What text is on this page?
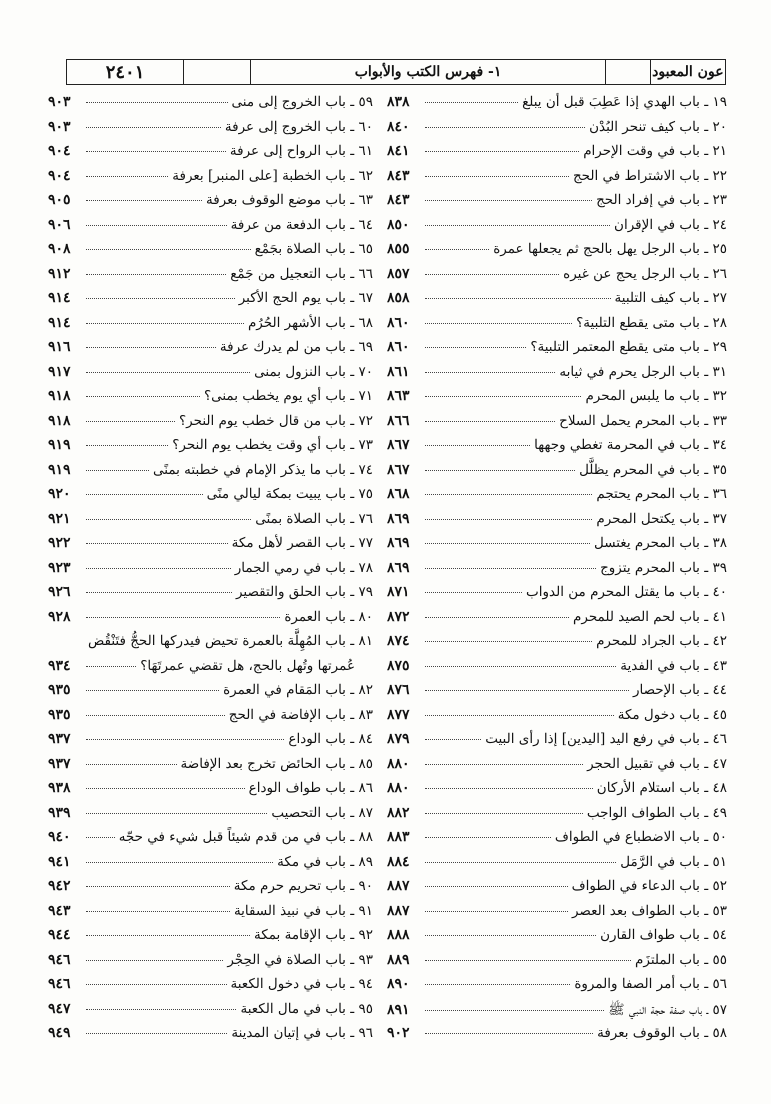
٢٤٠١	١- فهرس الكتب والأبواب	عون المعبود
١٩ ـ باب الهدي إذا عَطِبَ قبل أن يبلغ
٨٣٨
٢٠ ـ باب كيف تنحر البُدْن
٨٤٠
٢١ ـ باب في وقت الإحرام
٨٤١
٢٢ ـ باب الاشتراط في الحج
٨٤٣
٢٣ ـ باب في إفراد الحج
٨٤٣
٢٤ ـ باب في الإقران
٨٥٠
٢٥ ـ باب الرجل يهل بالحج ثم يجعلها عمرة
٨٥٥
٢٦ ـ باب الرجل يحج عن غيره
٨٥٧
٢٧ ـ باب كيف التلبية
٨٥٨
٢٨ ـ باب متى يقطع التلبية؟
٨٦٠
٢٩ ـ باب متى يقطع المعتمر التلبية؟
٨٦٠
٣١ ـ باب الرجل يحرم في ثيابه
٨٦١
٣٢ ـ باب ما يلبس المحرم
٨٦٣
٣٣ ـ باب المحرم يحمل السلاح
٨٦٦
٣٤ ـ باب في المحرمة تغطي وجهها
٨٦٧
٣٥ ـ باب في المحرم يظلَّل
٨٦٧
٣٦ ـ باب المحرم يحتجم
٨٦٨
٣٧ ـ باب يكتحل المحرم
٨٦٩
٣٨ ـ باب المحرم يغتسل
٨٦٩
٣٩ ـ باب المحرم يتزوج
٨٦٩
٤٠ ـ باب ما يقتل المحرم من الدواب
٨٧١
٤١ ـ باب لحم الصيد للمحرم
٨٧٢
٤٢ ـ باب الجراد للمحرم
٨٧٤
٤٣ ـ باب في الفدية
٨٧٥
٤٤ ـ باب الإحصار
٨٧٦
٤٥ ـ باب دخول مكة
٨٧٧
٤٦ ـ باب في رفع اليد [اليدين] إذا رأى البيت
٨٧٩
٤٧ ـ باب في تقبيل الحجر
٨٨٠
٤٨ ـ باب استلام الأركان
٨٨٠
٤٩ ـ باب الطواف الواجب
٨٨٢
٥٠ ـ باب الاضطباع في الطواف
٨٨٣
٥١ ـ باب في الرَّمَل
٨٨٤
٥٢ ـ باب الدعاء في الطواف
٨٨٧
٥٣ ـ باب الطواف بعد العصر
٨٨٧
٥٤ ـ باب طواف القارن
٨٨٨
٥٥ ـ باب الملتزَم
٨٨٩
٥٦ ـ باب أمر الصفا والمروة
٨٩٠
٥٧ ـ باب صفة حجة النبي ﷺ
٨٩١
٥٨ ـ باب الوقوف بعرفة
٩٠٢
٥٩ ـ باب الخروج إلى منى
٩٠٣
٦٠ ـ باب الخروج إلى عرفة
٩٠٣
٦١ ـ باب الرواح إلى عرفة
٩٠٤
٦٢ ـ باب الخطبة [على المنبر] بعرفة
٩٠٤
٦٣ ـ باب موضع الوقوف بعرفة
٩٠٥
٦٤ ـ باب الدفعة من عرفة
٩٠٦
٦٥ ـ باب الصلاة بجَمْع
٩٠٨
٦٦ ـ باب التعجيل من جَمْع
٩١٢
٦٧ ـ باب يوم الحج الأكبر
٩١٤
٦٨ ـ باب الأشهر الحُرُم
٩١٤
٦٩ ـ باب من لم يدرك عرفة
٩١٦
٧٠ ـ باب النزول بمنى
٩١٧
٧١ ـ باب أي يوم يخطب بمنى؟
٩١٨
٧٢ ـ باب من قال خطب يوم النحر؟
٩١٨
٧٣ ـ باب أي وقت يخطب يوم النحر؟
٩١٩
٧٤ ـ باب ما يذكر الإمام في خطبته بمنًى
٩١٩
٧٥ ـ باب يبيت بمكة ليالي منًى
٩٢٠
٧٦ ـ باب الصلاة بمنًى
٩٢١
٧٧ ـ باب القصر لأهل مكة
٩٢٢
٧٨ ـ باب في رمي الجمار
٩٢٣
٧٩ ـ باب الحلق والتقصير
٩٢٦
٨٠ ـ باب العمرة
٩٢٨
٨١ ـ باب المُهِلَّة بالعمرة تحيض فيدركها الحجُّ فتَنْقُض
عُمرتها وتُهل بالحج، هل تقضي عمرتَهَا؟
٩٣٤
٨٢ ـ باب المَقام في العمرة
٩٣٥
٨٣ ـ باب الإفاضة في الحج
٩٣٥
٨٤ ـ باب الوداع
٩٣٧
٨٥ ـ باب الحائض تخرج بعد الإفاضة
٩٣٧
٨٦ ـ باب طواف الوداع
٩٣٨
٨٧ ـ باب التحصيب
٩٣٩
٨٨ ـ باب في من قدم شيئاً قبل شيء في حجّه
٩٤٠
٨٩ ـ باب في مكة
٩٤١
٩٠ ـ باب تحريم حرم مكة
٩٤٢
٩١ ـ باب في نبيذ السقاية
٩٤٣
٩٢ ـ باب الإقامة بمكة
٩٤٤
٩٣ ـ باب الصلاة في الحِجْر
٩٤٦
٩٤ ـ باب في دخول الكعبة
٩٤٦
٩٥ ـ باب في مال الكعبة
٩٤٧
٩٦ ـ باب في إتيان المدينة
٩٤٩
